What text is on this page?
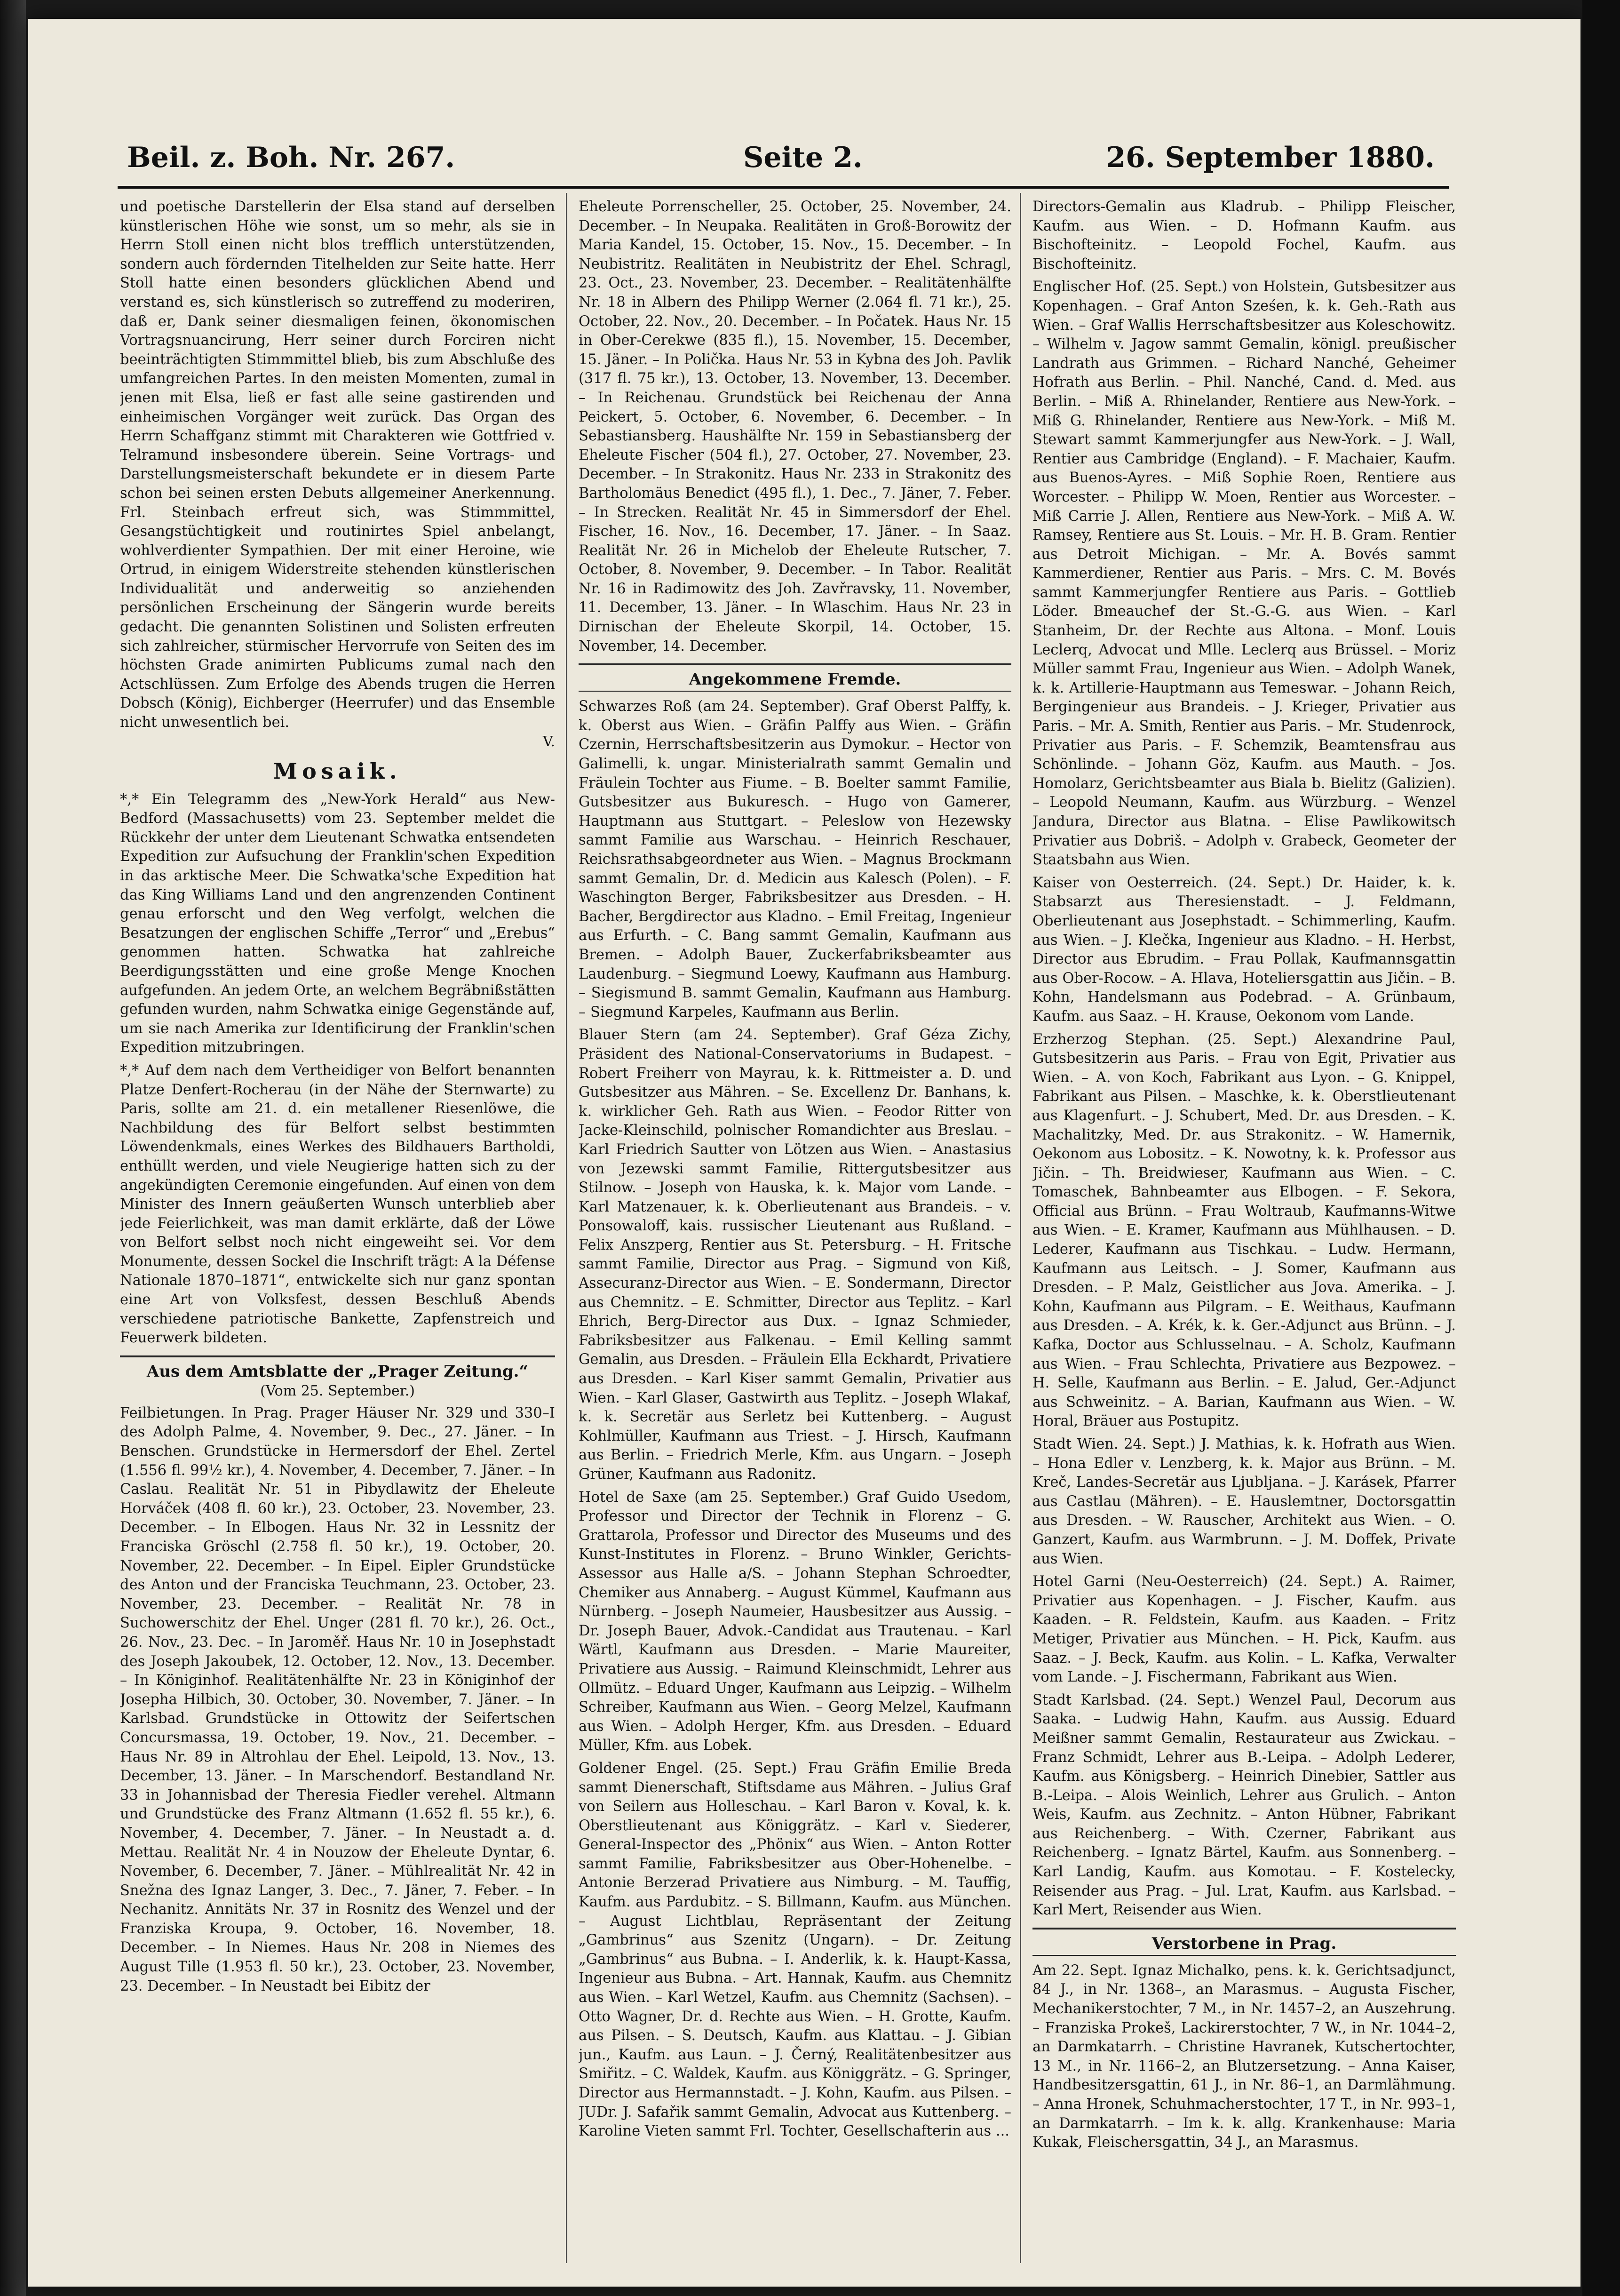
Beil. z. Boh. Nr. 267.	Seite 2.	26. September 1880.

und poetische Darstellerin der Elsa stand auf derselben künstlerischen Höhe wie sonst, um so mehr, als sie in Herrn Stoll einen nicht blos trefflich unterstützenden, sondern auch fördernden Titelhelden zur Seite hatte. Herr Stoll hatte einen besonders glücklichen Abend und verstand es, sich künstlerisch so zutreffend zu moderiren, daß er, Dank seiner diesmaligen feinen, ökonomischen Vortragsnuancirung, Herr seiner durch Forciren nicht beeinträchtigten Stimmmittel blieb, bis zum Abschluße des umfangreichen Partes. In den meisten Momenten, zumal in jenen mit Elsa, ließ er fast alle seine gastirenden und einheimischen Vorgänger weit zurück. Das Organ des Herrn Schaffganz stimmt mit Charakteren wie Gottfried v. Telramund insbesondere überein. Seine Vortrags- und Darstellungsmeisterschaft bekundete er in diesem Parte schon bei seinen ersten Debuts allgemeiner Anerkennung. Frl. Steinbach erfreut sich, was Stimmmittel, Gesangstüchtigkeit und routinirtes Spiel anbelangt, wohlverdienter Sympathien. Der mit einer Heroine, wie Ortrud, in einigem Widerstreite stehenden künstlerischen Individualität und anderweitig so anziehenden persönlichen Erscheinung der Sängerin wurde bereits gedacht. Die genannten Solistinen und Solisten erfreuten sich zahlreicher, stürmischer Hervorrufe von Seiten des im höchsten Grade animirten Publicums zumal nach den Actschlüssen. Zum Erfolge des Abends trugen die Herren Dobsch (König), Eichberger (Heerrufer) und das Ensemble nicht unwesentlich bei.

V.
Mosaik.

*,* Ein Telegramm des „New-York Herald“ aus New-Bedford (Massachusetts) vom 23. September meldet die Rückkehr der unter dem Lieutenant Schwatka entsendeten Expedition zur Aufsuchung der Franklin'schen Expedition in das arktische Meer. Die Schwatka'sche Expedition hat das King Williams Land und den angrenzenden Continent genau erforscht und den Weg verfolgt, welchen die Besatzungen der englischen Schiffe „Terror“ und „Erebus“ genommen hatten. Schwatka hat zahlreiche Beerdigungsstätten und eine große Menge Knochen aufgefunden. An jedem Orte, an welchem Begräbnißstätten gefunden wurden, nahm Schwatka einige Gegenstände auf, um sie nach Amerika zur Identificirung der Franklin'schen Expedition mitzubringen.

*,* Auf dem nach dem Vertheidiger von Belfort benannten Platze Denfert-Rocherau (in der Nähe der Sternwarte) zu Paris, sollte am 21. d. ein metallener Riesenlöwe, die Nachbildung des für Belfort selbst bestimmten Löwendenkmals, eines Werkes des Bildhauers Bartholdi, enthüllt werden, und viele Neugierige hatten sich zu der angekündigten Ceremonie eingefunden. Auf einen von dem Minister des Innern geäußerten Wunsch unterblieb aber jede Feierlichkeit, was man damit erklärte, daß der Löwe von Belfort selbst noch nicht eingeweiht sei. Vor dem Monumente, dessen Sockel die Inschrift trägt: A la Défense Nationale 1870–1871“, entwickelte sich nur ganz spontan eine Art von Volksfest, dessen Beschluß Abends verschiedene patriotische Bankette, Zapfenstreich und Feuerwerk bildeten.

Aus dem Amtsblatte der „Prager Zeitung.“
(Vom 25. September.)

Feilbietungen. In Prag. Prager Häuser Nr. 329 und 330–I des Adolph Palme, 4. November, 9. Dec., 27. Jäner. – In Benschen. Grundstücke in Hermersdorf der Ehel. Zertel (1.556 fl. 99½ kr.), 4. November, 4. December, 7. Jäner. – In Caslau. Realität Nr. 51 in Pibydlawitz der Eheleute Horváček (408 fl. 60 kr.), 23. October, 23. November, 23. December. – In Elbogen. Haus Nr. 32 in Lessnitz der Franciska Gröschl (2.758 fl. 50 kr.), 19. October, 20. November, 22. December. – In Eipel. Eipler Grundstücke des Anton und der Franciska Teuchmann, 23. October, 23. November, 23. December. – Realität Nr. 78 in Suchowerschitz der Ehel. Unger (281 fl. 70 kr.), 26. Oct., 26. Nov., 23. Dec. – In Jaroměř. Haus Nr. 10 in Josephstadt des Joseph Jakoubek, 12. October, 12. Nov., 13. December. – In Königinhof. Realitätenhälfte Nr. 23 in Königinhof der Josepha Hilbich, 30. October, 30. November, 7. Jäner. – In Karlsbad. Grundstücke in Ottowitz der Seifertschen Concursmassa, 19. October, 19. Nov., 21. December. – Haus Nr. 89 in Altrohlau der Ehel. Leipold, 13. Nov., 13. December, 13. Jäner. – In Marschendorf. Bestandland Nr. 33 in Johannisbad der Theresia Fiedler verehel. Altmann und Grundstücke des Franz Altmann (1.652 fl. 55 kr.), 6. November, 4. December, 7. Jäner. – In Neustadt a. d. Mettau. Realität Nr. 4 in Nouzow der Eheleute Dyntar, 6. November, 6. December, 7. Jäner. – Mühlrealität Nr. 42 in Snežna des Ignaz Langer, 3. Dec., 7. Jäner, 7. Feber. – In Nechanitz. Annitäts Nr. 37 in Rosnitz des Wenzel und der Franziska Kroupa, 9. October, 16. November, 18. December. – In Niemes. Haus Nr. 208 in Niemes des August Tille (1.953 fl. 50 kr.), 23. October, 23. November, 23. December. – In Neustadt bei Eibitz der

Eheleute Porrenscheller, 25. October, 25. November, 24. December. – In Neupaka. Realitäten in Groß-Borowitz der Maria Kandel, 15. October, 15. Nov., 15. December. – In Neubistritz. Realitäten in Neubistritz der Ehel. Schragl, 23. Oct., 23. November, 23. December. – Realitätenhälfte Nr. 18 in Albern des Philipp Werner (2.064 fl. 71 kr.), 25. October, 22. Nov., 20. December. – In Počatek. Haus Nr. 15 in Ober-Cerekwe (835 fl.), 15. November, 15. December, 15. Jäner. – In Polička. Haus Nr. 53 in Kybna des Joh. Pavlik (317 fl. 75 kr.), 13. October, 13. November, 13. December. – In Reichenau. Grundstück bei Reichenau der Anna Peickert, 5. October, 6. November, 6. December. – In Sebastiansberg. Haushälfte Nr. 159 in Sebastiansberg der Eheleute Fischer (504 fl.), 27. October, 27. November, 23. December. – In Strakonitz. Haus Nr. 233 in Strakonitz des Bartholomäus Benedict (495 fl.), 1. Dec., 7. Jäner, 7. Feber. – In Strecken. Realität Nr. 45 in Simmersdorf der Ehel. Fischer, 16. Nov., 16. December, 17. Jäner. – In Saaz. Realität Nr. 26 in Michelob der Eheleute Rutscher, 7. October, 8. November, 9. December. – In Tabor. Realität Nr. 16 in Radimowitz des Joh. Zavřravsky, 11. November, 11. December, 13. Jäner. – In Wlaschim. Haus Nr. 23 in Dirnischan der Eheleute Skorpil, 14. October, 15. November, 14. December.

Angekommene Fremde.

Schwarzes Roß (am 24. September). Graf Oberst Palffy, k. k. Oberst aus Wien. – Gräfin Palffy aus Wien. – Gräfin Czernin, Herrschaftsbesitzerin aus Dymokur. – Hector von Galimelli, k. ungar. Ministerialrath sammt Gemalin und Fräulein Tochter aus Fiume. – B. Boelter sammt Familie, Gutsbesitzer aus Bukuresch. – Hugo von Gamerer, Hauptmann aus Stuttgart. – Peleslow von Hezewsky sammt Familie aus Warschau. – Heinrich Reschauer, Reichsrathsabgeordneter aus Wien. – Magnus Brockmann sammt Gemalin, Dr. d. Medicin aus Kalesch (Polen). – F. Waschington Berger, Fabriksbesitzer aus Dresden. – H. Bacher, Bergdirector aus Kladno. – Emil Freitag, Ingenieur aus Erfurth. – C. Bang sammt Gemalin, Kaufmann aus Bremen. – Adolph Bauer, Zuckerfabriksbeamter aus Laudenburg. – Siegmund Loewy, Kaufmann aus Hamburg. – Siegismund B. sammt Gemalin, Kaufmann aus Hamburg. – Siegmund Karpeles, Kaufmann aus Berlin.

Blauer Stern (am 24. September). Graf Géza Zichy, Präsident des National-Conservatoriums in Budapest. – Robert Freiherr von Mayrau, k. k. Rittmeister a. D. und Gutsbesitzer aus Mähren. – Se. Excellenz Dr. Banhans, k. k. wirklicher Geh. Rath aus Wien. – Feodor Ritter von Jacke-Kleinschild, polnischer Romandichter aus Breslau. – Karl Friedrich Sautter von Lötzen aus Wien. – Anastasius von Jezewski sammt Familie, Rittergutsbesitzer aus Stilnow. – Joseph von Hauska, k. k. Major vom Lande. – Karl Matzenauer, k. k. Oberlieutenant aus Brandeis. – v. Ponsowaloff, kais. russischer Lieutenant aus Rußland. – Felix Anszperg, Rentier aus St. Petersburg. – H. Fritsche sammt Familie, Director aus Prag. – Sigmund von Kiß, Assecuranz-Director aus Wien. – E. Sondermann, Director aus Chemnitz. – E. Schmitter, Director aus Teplitz. – Karl Ehrich, Berg-Director aus Dux. – Ignaz Schmieder, Fabriksbesitzer aus Falkenau. – Emil Kelling sammt Gemalin, aus Dresden. – Fräulein Ella Eckhardt, Privatiere aus Dresden. – Karl Kiser sammt Gemalin, Privatier aus Wien. – Karl Glaser, Gastwirth aus Teplitz. – Joseph Wlakaf, k. k. Secretär aus Serletz bei Kuttenberg. – August Kohlmüller, Kaufmann aus Triest. – J. Hirsch, Kaufmann aus Berlin. – Friedrich Merle, Kfm. aus Ungarn. – Joseph Grüner, Kaufmann aus Radonitz.

Hotel de Saxe (am 25. September.) Graf Guido Usedom, Professor und Director der Technik in Florenz – G. Grattarola, Professor und Director des Museums und des Kunst-Institutes in Florenz. – Bruno Winkler, Gerichts-Assessor aus Halle a/S. – Johann Stephan Schroedter, Chemiker aus Annaberg. – August Kümmel, Kaufmann aus Nürnberg. – Joseph Naumeier, Hausbesitzer aus Aussig. – Dr. Joseph Bauer, Advok.-Candidat aus Trautenau. – Karl Wärtl, Kaufmann aus Dresden. – Marie Maureiter, Privatiere aus Aussig. – Raimund Kleinschmidt, Lehrer aus Ollmütz. – Eduard Unger, Kaufmann aus Leipzig. – Wilhelm Schreiber, Kaufmann aus Wien. – Georg Melzel, Kaufmann aus Wien. – Adolph Herger, Kfm. aus Dresden. – Eduard Müller, Kfm. aus Lobek.

Goldener Engel. (25. Sept.) Frau Gräfin Emilie Breda sammt Dienerschaft, Stiftsdame aus Mähren. – Julius Graf von Seilern aus Holleschau. – Karl Baron v. Koval, k. k. Oberstlieutenant aus Königgrätz. – Karl v. Siederer, General-Inspector des „Phönix“ aus Wien. – Anton Rotter sammt Familie, Fabriksbesitzer aus Ober-Hohenelbe. – Antonie Berzerad Privatiere aus Nimburg. – M. Tauffig, Kaufm. aus Pardubitz. – S. Billmann, Kaufm. aus München. – August Lichtblau, Repräsentant der Zeitung „Gambrinus“ aus Szenitz (Ungarn). – Dr. Zeitung „Gambrinus“ aus Bubna. – I. Anderlik, k. k. Haupt-Kassa, Ingenieur aus Bubna. – Art. Hannak, Kaufm. aus Chemnitz aus Wien. – Karl Wetzel, Kaufm. aus Chemnitz (Sachsen). – Otto Wagner, Dr. d. Rechte aus Wien. – H. Grotte, Kaufm. aus Pilsen. – S. Deutsch, Kaufm. aus Klattau. – J. Gibian jun., Kaufm. aus Laun. – J. Černý, Realitätenbesitzer aus Smiřitz. – C. Waldek, Kaufm. aus Königgrätz. – G. Springer, Director aus Hermannstadt. – J. Kohn, Kaufm. aus Pilsen. – JUDr. J. Safařik sammt Gemalin, Advocat aus Kuttenberg. – Karoline Vieten sammt Frl. Tochter, Gesellschafterin aus ...

Directors-Gemalin aus Kladrub. – Philipp Fleischer, Kaufm. aus Wien. – D. Hofmann Kaufm. aus Bischofteinitz. – Leopold Fochel, Kaufm. aus Bischofteinitz.

Englischer Hof. (25. Sept.) von Holstein, Gutsbesitzer aus Kopenhagen. – Graf Anton Sześen, k. k. Geh.-Rath aus Wien. – Graf Wallis Herrschaftsbesitzer aus Koleschowitz. – Wilhelm v. Jagow sammt Gemalin, königl. preußischer Landrath aus Grimmen. – Richard Nanché, Geheimer Hofrath aus Berlin. – Phil. Nanché, Cand. d. Med. aus Berlin. – Miß A. Rhinelander, Rentiere aus New-York. – Miß G. Rhinelander, Rentiere aus New-York. – Miß M. Stewart sammt Kammerjungfer aus New-York. – J. Wall, Rentier aus Cambridge (England). – F. Machaier, Kaufm. aus Buenos-Ayres. – Miß Sophie Roen, Rentiere aus Worcester. – Philipp W. Moen, Rentier aus Worcester. – Miß Carrie J. Allen, Rentiere aus New-York. – Miß A. W. Ramsey, Rentiere aus St. Louis. – Mr. H. B. Gram. Rentier aus Detroit Michigan. – Mr. A. Bovés sammt Kammerdiener, Rentier aus Paris. – Mrs. C. M. Bovés sammt Kammerjungfer Rentiere aus Paris. – Gottlieb Löder. Bmeauchef der St.-G.-G. aus Wien. – Karl Stanheim, Dr. der Rechte aus Altona. – Monf. Louis Leclerq, Advocat und Mlle. Leclerq aus Brüssel. – Moriz Müller sammt Frau, Ingenieur aus Wien. – Adolph Wanek, k. k. Artillerie-Hauptmann aus Temeswar. – Johann Reich, Bergingenieur aus Brandeis. – J. Krieger, Privatier aus Paris. – Mr. A. Smith, Rentier aus Paris. – Mr. Studenrock, Privatier aus Paris. – F. Schemzik, Beamtensfrau aus Schönlinde. – Johann Göz, Kaufm. aus Mauth. – Jos. Homolarz, Gerichtsbeamter aus Biala b. Bielitz (Galizien). – Leopold Neumann, Kaufm. aus Würzburg. – Wenzel Jandura, Director aus Blatna. – Elise Pawlikowitsch Privatier aus Dobriš. – Adolph v. Grabeck, Geometer der Staatsbahn aus Wien.

Kaiser von Oesterreich. (24. Sept.) Dr. Haider, k. k. Stabsarzt aus Theresienstadt. – J. Feldmann, Oberlieutenant aus Josephstadt. – Schimmerling, Kaufm. aus Wien. – J. Klečka, Ingenieur aus Kladno. – H. Herbst, Director aus Ebrudim. – Frau Pollak, Kaufmannsgattin aus Ober-Rocow. – A. Hlava, Hoteliersgattin aus Jičin. – B. Kohn, Handelsmann aus Podebrad. – A. Grünbaum, Kaufm. aus Saaz. – H. Krause, Oekonom vom Lande.

Erzherzog Stephan. (25. Sept.) Alexandrine Paul, Gutsbesitzerin aus Paris. – Frau von Egit, Privatier aus Wien. – A. von Koch, Fabrikant aus Lyon. – G. Knippel, Fabrikant aus Pilsen. – Maschke, k. k. Oberstlieutenant aus Klagenfurt. – J. Schubert, Med. Dr. aus Dresden. – K. Machalitzky, Med. Dr. aus Strakonitz. – W. Hamernik, Oekonom aus Lobositz. – K. Nowotny, k. k. Professor aus Jičin. – Th. Breidwieser, Kaufmann aus Wien. – C. Tomaschek, Bahnbeamter aus Elbogen. – F. Sekora, Official aus Brünn. – Frau Woltraub, Kaufmanns-Witwe aus Wien. – E. Kramer, Kaufmann aus Mühlhausen. – D. Lederer, Kaufmann aus Tischkau. – Ludw. Hermann, Kaufmann aus Leitsch. – J. Somer, Kaufmann aus Dresden. – P. Malz, Geistlicher aus Jova. Amerika. – J. Kohn, Kaufmann aus Pilgram. – E. Weithaus, Kaufmann aus Dresden. – A. Krék, k. k. Ger.-Adjunct aus Brünn. – J. Kafka, Doctor aus Schlusselnau. – A. Scholz, Kaufmann aus Wien. – Frau Schlechta, Privatiere aus Bezpowez. – H. Selle, Kaufmann aus Berlin. – E. Jalud, Ger.-Adjunct aus Schweinitz. – A. Barian, Kaufmann aus Wien. – W. Horal, Bräuer aus Postupitz.

Stadt Wien. 24. Sept.) J. Mathias, k. k. Hofrath aus Wien. – Hona Edler v. Lenzberg, k. k. Major aus Brünn. – M. Kreč, Landes-Secretär aus Ljubljana. – J. Karásek, Pfarrer aus Castlau (Mähren). – E. Hauslemtner, Doctorsgattin aus Dresden. – W. Rauscher, Architekt aus Wien. – O. Ganzert, Kaufm. aus Warmbrunn. – J. M. Doffek, Private aus Wien.

Hotel Garni (Neu-Oesterreich) (24. Sept.) A. Raimer, Privatier aus Kopenhagen. – J. Fischer, Kaufm. aus Kaaden. – R. Feldstein, Kaufm. aus Kaaden. – Fritz Metiger, Privatier aus München. – H. Pick, Kaufm. aus Saaz. – J. Beck, Kaufm. aus Kolin. – L. Kafka, Verwalter vom Lande. – J. Fischermann, Fabrikant aus Wien.

Stadt Karlsbad. (24. Sept.) Wenzel Paul, Decorum aus Saaka. – Ludwig Hahn, Kaufm. aus Aussig. Eduard Meißner sammt Gemalin, Restaurateur aus Zwickau. – Franz Schmidt, Lehrer aus B.-Leipa. – Adolph Lederer, Kaufm. aus Königsberg. – Heinrich Dinebier, Sattler aus B.-Leipa. – Alois Weinlich, Lehrer aus Grulich. – Anton Weis, Kaufm. aus Zechnitz. – Anton Hübner, Fabrikant aus Reichenberg. – With. Czerner, Fabrikant aus Reichenberg. – Ignatz Bärtel, Kaufm. aus Sonnenberg. – Karl Landig, Kaufm. aus Komotau. – F. Kostelecky, Reisender aus Prag. – Jul. Lrat, Kaufm. aus Karlsbad. – Karl Mert, Reisender aus Wien.

Verstorbene in Prag.

Am 22. Sept. Ignaz Michalko, pens. k. k. Gerichtsadjunct, 84 J., in Nr. 1368–, an Marasmus. – Augusta Fischer, Mechanikerstochter, 7 M., in Nr. 1457–2, an Auszehrung. – Franziska Prokeš, Lackirerstochter, 7 W., in Nr. 1044–2, an Darmkatarrh. – Christine Havranek, Kutschertochter, 13 M., in Nr. 1166–2, an Blutzersetzung. – Anna Kaiser, Handbesitzersgattin, 61 J., in Nr. 86–1, an Darmlähmung. – Anna Hronek, Schuhmacherstochter, 17 T., in Nr. 993–1, an Darmkatarrh. – Im k. k. allg. Krankenhause: Maria Kukak, Fleischersgattin, 34 J., an Marasmus.
